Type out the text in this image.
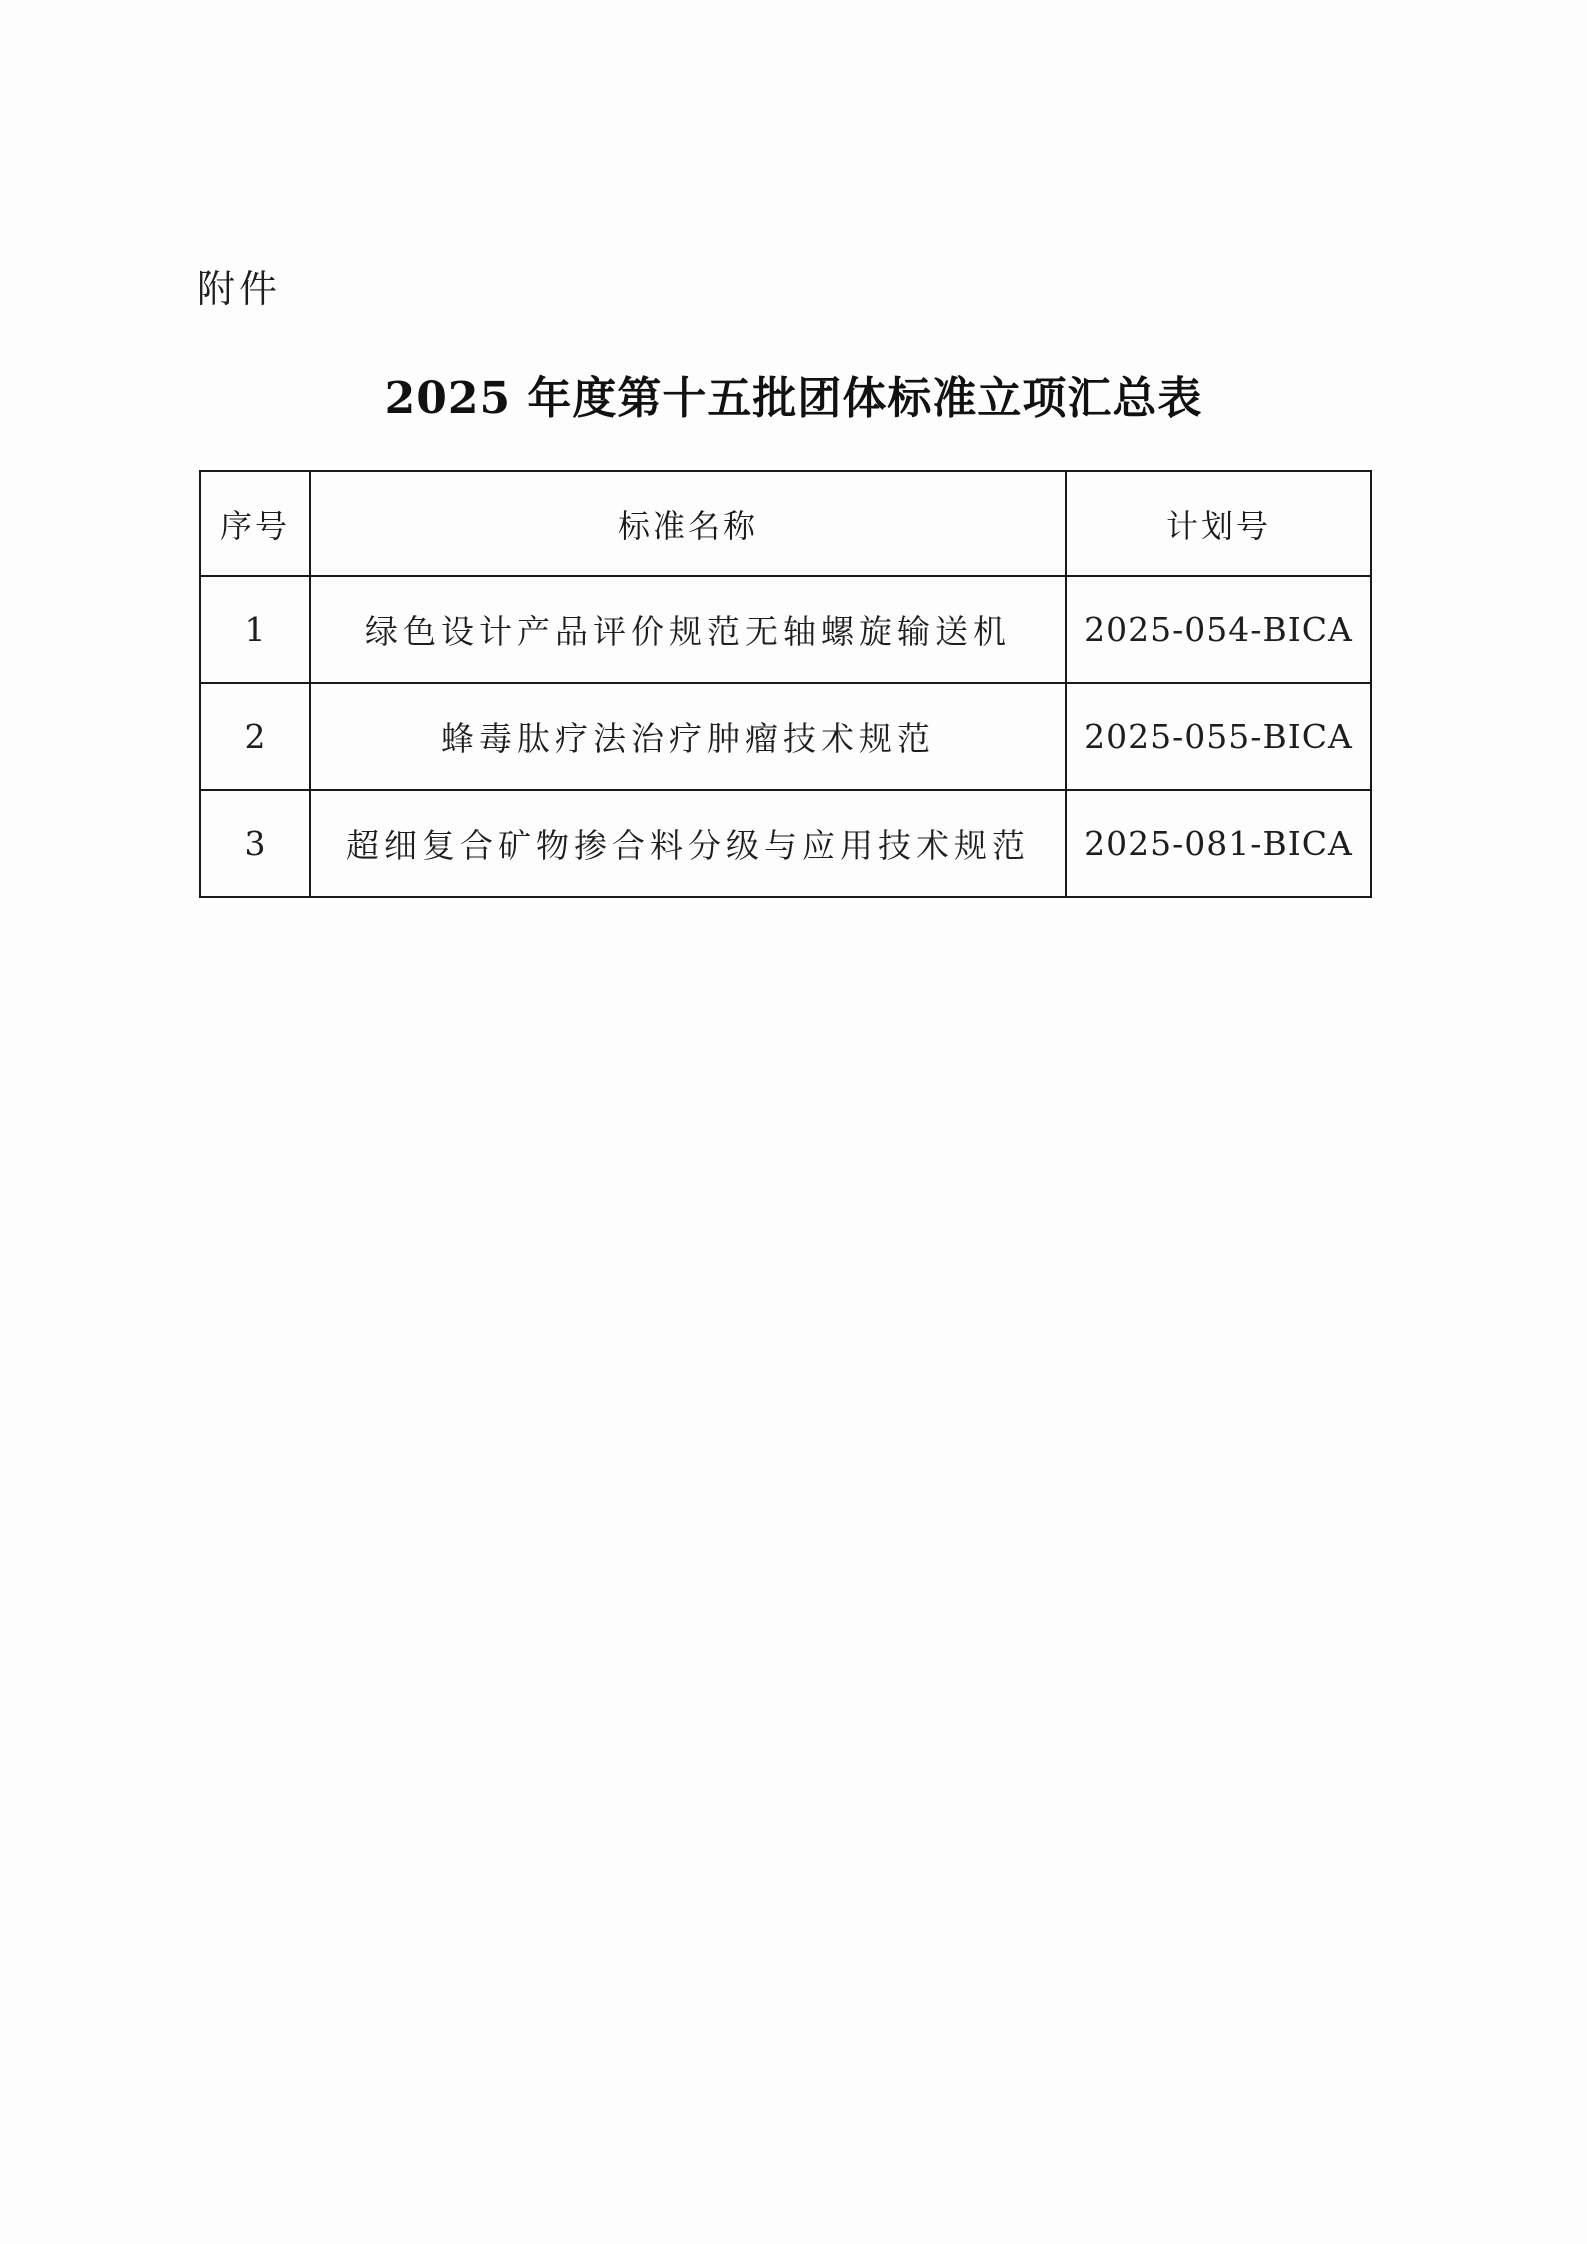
附件
2025 年度第十五批团体标准立项汇总表
序号	标准名称	计划号
1	绿色设计产品评价规范无轴螺旋输送机	2025-054-BICA
2	蜂毒肽疗法治疗肿瘤技术规范	2025-055-BICA
3	超细复合矿物掺合料分级与应用技术规范	2025-081-BICA
